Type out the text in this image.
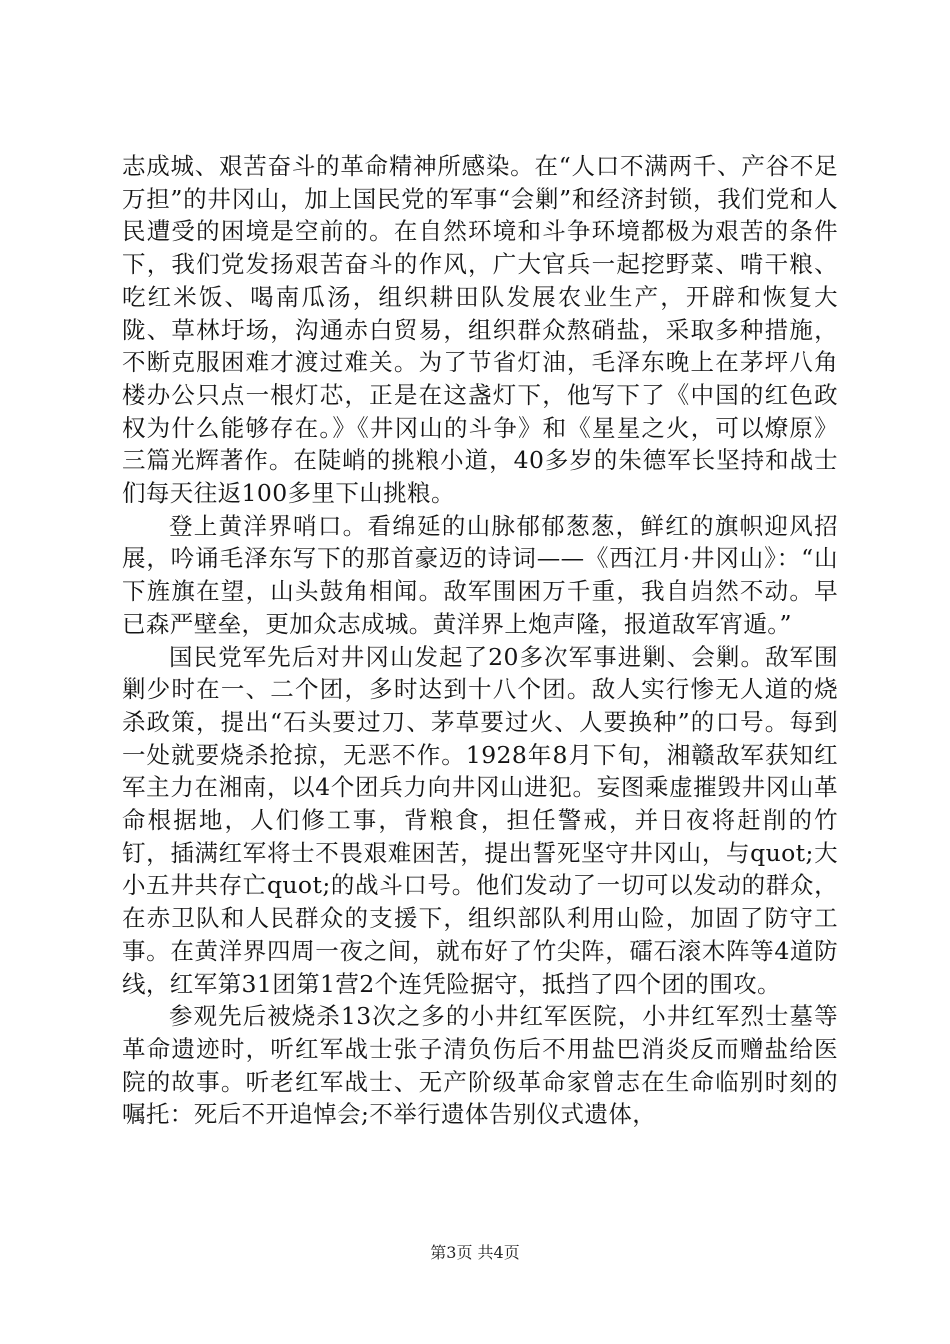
志成城、艰苦奋斗的革命精神所感染。在“人口不满两千、产谷不足万担”的井冈山，加上国民党的军事“会剿”和经济封锁，我们党和人民遭受的困境是空前的。在自然环境和斗争环境都极为艰苦的条件下，我们党发扬艰苦奋斗的作风，广大官兵一起挖野菜、啃干粮、吃红米饭、喝南瓜汤，组织耕田队发展农业生产，开辟和恢复大陇、草林圩场，沟通赤白贸易，组织群众熬硝盐，采取多种措施，不断克服困难才渡过难关。为了节省灯油，毛泽东晚上在茅坪八角楼办公只点一根灯芯，正是在这盏灯下，他写下了《中国的红色政权为什么能够存在。》《井冈山的斗争》和《星星之火，可以燎原》三篇光辉著作。在陡峭的挑粮小道，40多岁的朱德军长坚持和战士们每天往返100多里下山挑粮。

登上黄洋界哨口。看绵延的山脉郁郁葱葱，鲜红的旗帜迎风招展，吟诵毛泽东写下的那首豪迈的诗词——《西江月·井冈山》：“山下旌旗在望，山头鼓角相闻。敌军围困万千重，我自岿然不动。早已森严壁垒，更加众志成城。黄洋界上炮声隆，报道敌军宵遁。”

国民党军先后对井冈山发起了20多次军事进剿、会剿。敌军围剿少时在一、二个团，多时达到十八个团。敌人实行惨无人道的烧杀政策，提出“石头要过刀、茅草要过火、人要换种”的口号。每到一处就要烧杀抢掠，无恶不作。1928年8月下旬，湘赣敌军获知红军主力在湘南，以4个团兵力向井冈山进犯。妄图乘虚摧毁井冈山革命根据地，人们修工事，背粮食，担任警戒，并日夜将赶削的竹钉，插满红军将士不畏艰难困苦，提出誓死坚守井冈山，与quot;大小五井共存亡quot;的战斗口号。他们发动了一切可以发动的群众，在赤卫队和人民群众的支援下，组织部队利用山险，加固了防守工事。在黄洋界四周一夜之间，就布好了竹尖阵，礌石滚木阵等4道防线，红军第31团第1营2个连凭险据守，抵挡了四个团的围攻。

参观先后被烧杀13次之多的小井红军医院，小井红军烈士墓等革命遗迹时，听红军战士张子清负伤后不用盐巴消炎反而赠盐给医院的故事。听老红军战士、无产阶级革命家曾志在生命临别时刻的嘱托：死后不开追悼会;不举行遗体告别仪式遗体，

第3页 共4页
